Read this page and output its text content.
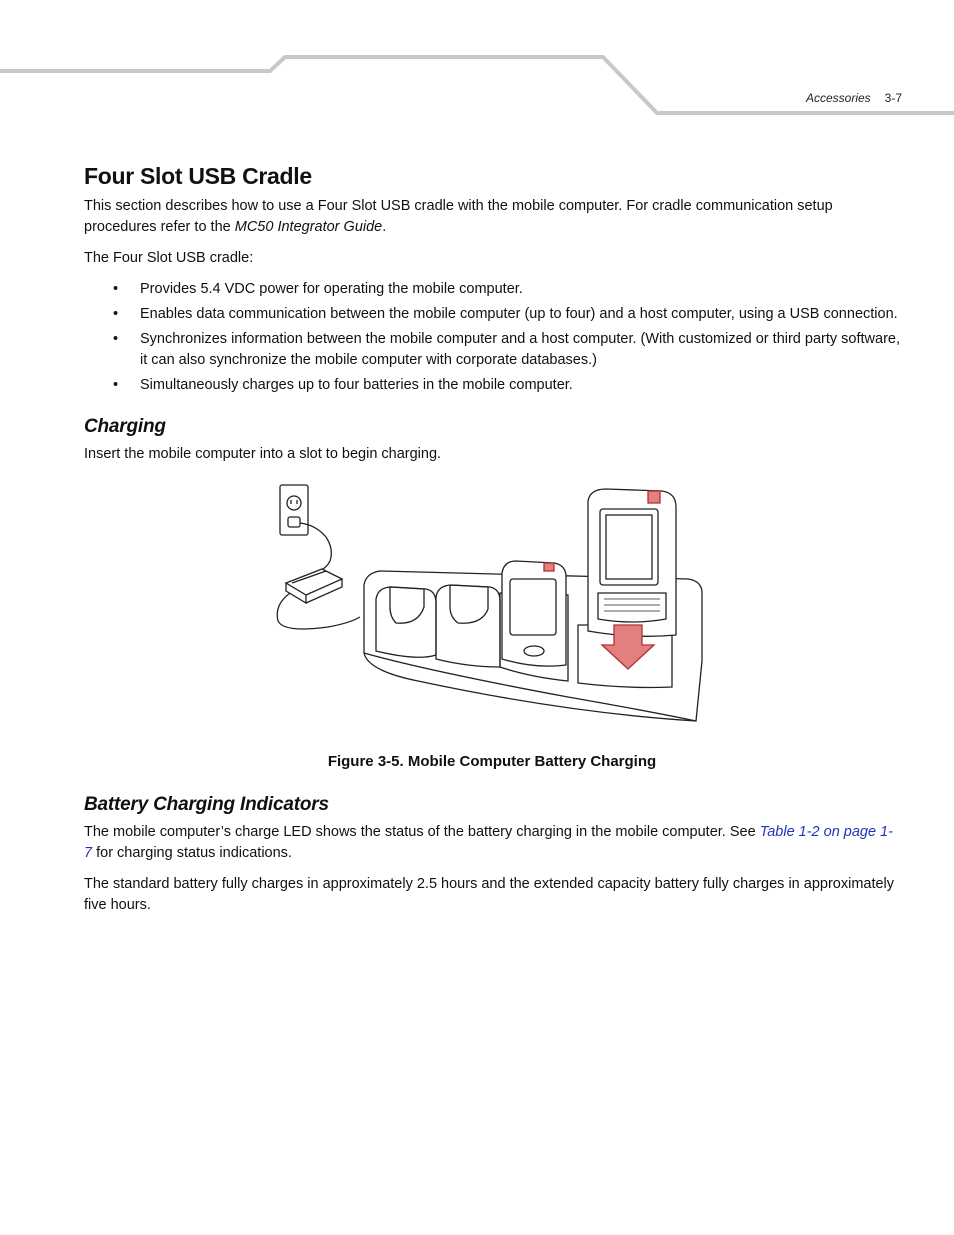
Accessories 3-7
Four Slot USB Cradle

This section describes how to use a Four Slot USB cradle with the mobile computer. For cradle communication setup procedures refer to the MC50 Integrator Guide.

The Four Slot USB cradle:

• Provides 5.4 VDC power for operating the mobile computer.
• Enables data communication between the mobile computer (up to four) and a host computer, using a USB connection.
• Synchronizes information between the mobile computer and a host computer. (With customized or third party software, it can also synchronize the mobile computer with corporate databases.)
• Simultaneously charges up to four batteries in the mobile computer.
Charging

Insert the mobile computer into a slot to begin charging.

Figure 3-5. Mobile Computer Battery Charging

Battery Charging Indicators

The mobile computer’s charge LED shows the status of the battery charging in the mobile computer. See Table 1-2 on page 1-7 for charging status indications.

The standard battery fully charges in approximately 2.5 hours and the extended capacity battery fully charges in approximately five hours.
